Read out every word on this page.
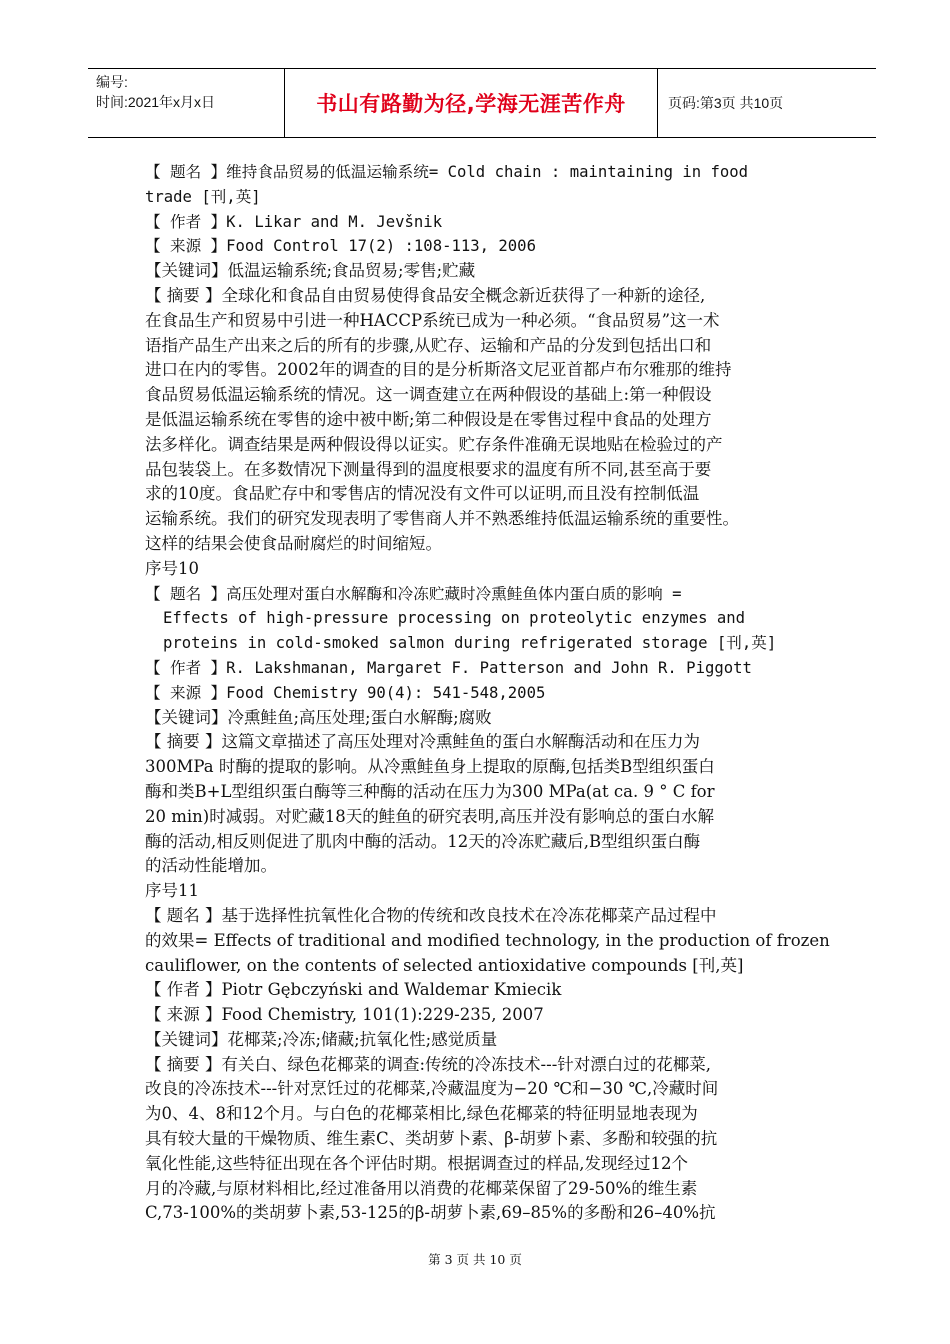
编号:
时间:2021年x月x日	书山有路勤为径,学海无涯苦作舟	页码:第3页 共10页
【 题名 】维持食品贸易的低温运输系统= Cold chain : maintaining in food
trade [刊,英]
【 作者 】K. Likar and M. Jevšnik
【 来源 】Food Control 17(2) :108-113, 2006
【关键词】低温运输系统;食品贸易;零售;贮藏
【 摘要 】全球化和食品自由贸易使得食品安全概念新近获得了一种新的途径,
在食品生产和贸易中引进一种HACCP系统已成为一种必须。“食品贸易”这一术
语指产品生产出来之后的所有的步骤,从贮存、运输和产品的分发到包括出口和
进口在内的零售。2002年的调查的目的是分析斯洛文尼亚首都卢布尔雅那的维持
食品贸易低温运输系统的情况。这一调查建立在两种假设的基础上:第一种假设
是低温运输系统在零售的途中被中断;第二种假设是在零售过程中食品的处理方
法多样化。调查结果是两种假设得以证实。贮存条件准确无误地贴在检验过的产
品包装袋上。在多数情况下测量得到的温度根要求的温度有所不同,甚至高于要
求的10度。食品贮存中和零售店的情况没有文件可以证明,而且没有控制低温
运输系统。我们的研究发现表明了零售商人并不熟悉维持低温运输系统的重要性。
这样的结果会使食品耐腐烂的时间缩短。
序号10
【 题名 】高压处理对蛋白水解酶和冷冻贮藏时冷熏鲑鱼体内蛋白质的影响 =
Effects of high-pressure processing on proteolytic enzymes and
proteins in cold-smoked salmon during refrigerated storage [刊,英]
【 作者 】R. Lakshmanan, Margaret F. Patterson and John R. Piggott
【 来源 】Food Chemistry 90(4): 541-548,2005
【关键词】冷熏鲑鱼;高压处理;蛋白水解酶;腐败
【 摘要 】这篇文章描述了高压处理对冷熏鲑鱼的蛋白水解酶活动和在压力为
300MPa 时酶的提取的影响。从冷熏鲑鱼身上提取的原酶,包括类B型组织蛋白
酶和类B+L型组织蛋白酶等三种酶的活动在压力为300 MPa(at ca. 9 ° C for
20 min)时减弱。对贮藏18天的鲑鱼的研究表明,高压并没有影响总的蛋白水解
酶的活动,相反则促进了肌肉中酶的活动。12天的冷冻贮藏后,B型组织蛋白酶
的活动性能增加。
序号11
【 题名 】基于选择性抗氧性化合物的传统和改良技术在冷冻花椰菜产品过程中
的效果= Effects of traditional and modified technology, in the production of frozen
cauliflower, on the contents of selected antioxidative compounds [刊,英]
【 作者 】Piotr Gębczyński and Waldemar Kmiecik
【 来源 】Food Chemistry, 101(1):229-235, 2007
【关键词】花椰菜;冷冻;储藏;抗氧化性;感觉质量
【 摘要 】有关白、绿色花椰菜的调查:传统的冷冻技术---针对漂白过的花椰菜,
改良的冷冻技术---针对烹饪过的花椰菜,冷藏温度为−20 ℃和−30 ℃,冷藏时间
为0、4、8和12个月。与白色的花椰菜相比,绿色花椰菜的特征明显地表现为
具有较大量的干燥物质、维生素C、类胡萝卜素、β-胡萝卜素、多酚和较强的抗
氧化性能,这些特征出现在各个评估时期。根据调查过的样品,发现经过12个
月的冷藏,与原材料相比,经过准备用以消费的花椰菜保留了29-50%的维生素
C,73-100%的类胡萝卜素,53-125的β-胡萝卜素,69–85%的多酚和26–40%抗
第 3 页 共 10 页
